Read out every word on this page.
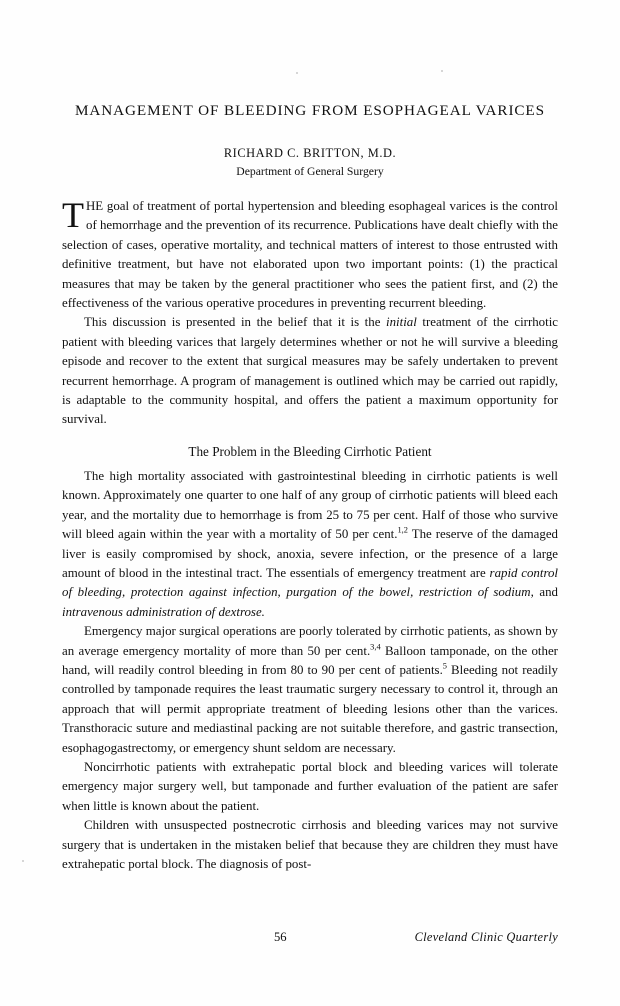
MANAGEMENT OF BLEEDING FROM ESOPHAGEAL VARICES
RICHARD C. BRITTON, M.D.
Department of General Surgery

THE goal of treatment of portal hypertension and bleeding esophageal varices is the control of hemorrhage and the prevention of its recurrence. Publications have dealt chiefly with the selection of cases, operative mortality, and technical matters of interest to those entrusted with definitive treatment, but have not elaborated upon two important points: (1) the practical measures that may be taken by the general practitioner who sees the patient first, and (2) the effectiveness of the various operative procedures in preventing recurrent bleeding.

This discussion is presented in the belief that it is the initial treatment of the cirrhotic patient with bleeding varices that largely determines whether or not he will survive a bleeding episode and recover to the extent that surgical measures may be safely undertaken to prevent recurrent hemorrhage. A program of management is outlined which may be carried out rapidly, is adaptable to the community hospital, and offers the patient a maximum opportunity for survival.

The Problem in the Bleeding Cirrhotic Patient

The high mortality associated with gastrointestinal bleeding in cirrhotic patients is well known. Approximately one quarter to one half of any group of cirrhotic patients will bleed each year, and the mortality due to hemorrhage is from 25 to 75 per cent. Half of those who survive will bleed again within the year with a mortality of 50 per cent.$^{1,2}$ The reserve of the damaged liver is easily compromised by shock, anoxia, severe infection, or the presence of a large amount of blood in the intestinal tract. The essentials of emergency treatment are rapid control of bleeding, protection against infection, purgation of the bowel, restriction of sodium, and intravenous administration of dextrose.

Emergency major surgical operations are poorly tolerated by cirrhotic patients, as shown by an average emergency mortality of more than 50 per cent.$^{3,4}$ Balloon tamponade, on the other hand, will readily control bleeding in from 80 to 90 per cent of patients.$^5$ Bleeding not readily controlled by tamponade requires the least traumatic surgery necessary to control it, through an approach that will permit appropriate treatment of bleeding lesions other than the varices. Transthoracic suture and mediastinal packing are not suitable therefore, and gastric transection, esophagogastrectomy, or emergency shunt seldom are necessary.

Noncirrhotic patients with extrahepatic portal block and bleeding varices will tolerate emergency major surgery well, but tamponade and further evaluation of the patient are safer when little is known about the patient.

Children with unsuspected postnecrotic cirrhosis and bleeding varices may not survive surgery that is undertaken in the mistaken belief that because they are children they must have extrahepatic portal block. The diagnosis of post-

56	Cleveland Clinic Quarterly
